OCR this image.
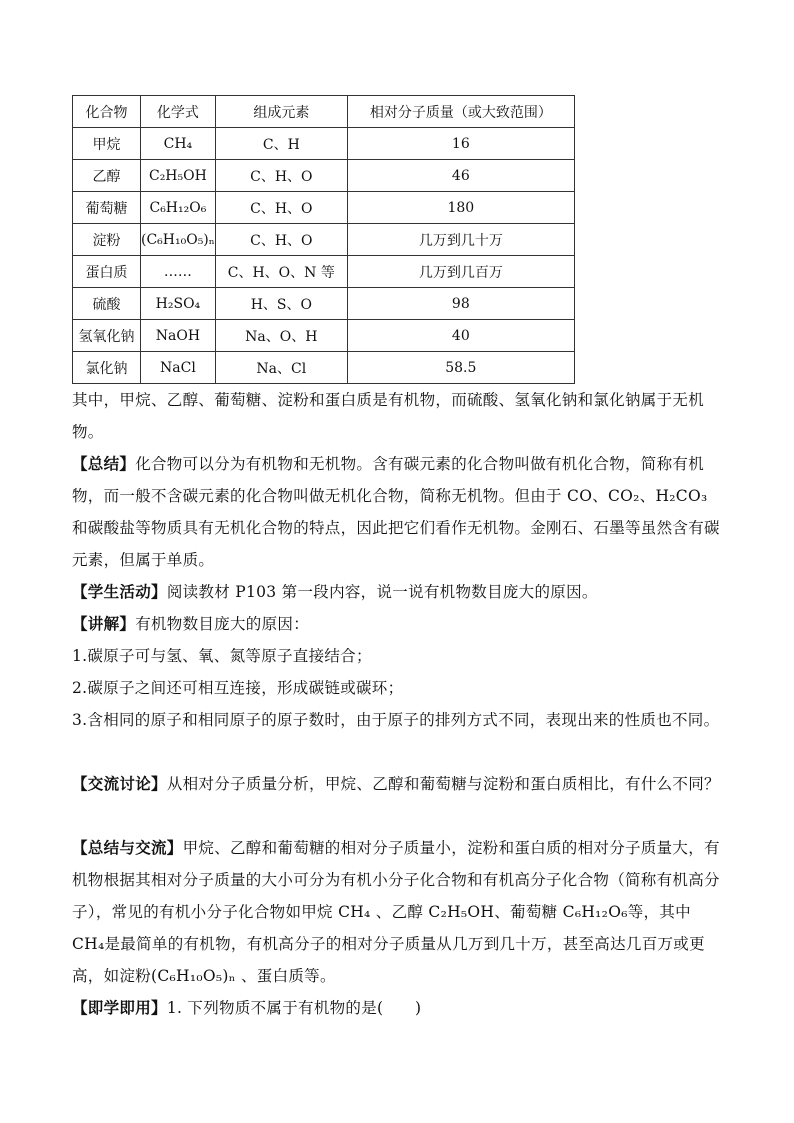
化合物	化学式	组成元素	相对分子质量（或大致范围）
甲烷	CH₄	C、H	16
乙醇	C₂H₅OH	C、H、O	46
葡萄糖	C₆H₁₂O₆	C、H、O	180
淀粉	(C₆H₁₀O₅)ₙ	C、H、O	几万到几十万
蛋白质	……	C、H、O、N 等	几万到几百万
硫酸	H₂SO₄	H、S、O	98
氢氧化钠	NaOH	Na、O、H	40
氯化钠	NaCl	Na、Cl	58.5

其中，甲烷、乙醇、葡萄糖、淀粉和蛋白质是有机物，而硫酸、氢氧化钠和氯化钠属于无机物。

【总结】化合物可以分为有机物和无机物。含有碳元素的化合物叫做有机化合物，简称有机物，而一般不含碳元素的化合物叫做无机化合物，简称无机物。但由于 CO、CO₂、H₂CO₃和碳酸盐等物质具有无机化合物的特点，因此把它们看作无机物。金刚石、石墨等虽然含有碳元素，但属于单质。

【学生活动】阅读教材 P103 第一段内容，说一说有机物数目庞大的原因。

【讲解】有机物数目庞大的原因：

1.碳原子可与氢、氧、氮等原子直接结合；

2.碳原子之间还可相互连接，形成碳链或碳环；

3.含相同的原子和相同原子的原子数时，由于原子的排列方式不同，表现出来的性质也不同。

【交流讨论】从相对分子质量分析，甲烷、乙醇和葡萄糖与淀粉和蛋白质相比，有什么不同？

【总结与交流】甲烷、乙醇和葡萄糖的相对分子质量小，淀粉和蛋白质的相对分子质量大，有机物根据其相对分子质量的大小可分为有机小分子化合物和有机高分子化合物（简称有机高分子），常见的有机小分子化合物如甲烷 CH₄ 、乙醇 C₂H₅OH、葡萄糖 C₆H₁₂O₆等，其中 CH₄是最简单的有机物，有机高分子的相对分子质量从几万到几十万，甚至高达几百万或更高，如淀粉(C₆H₁₀O₅)ₙ 、蛋白质等。

【即学即用】1. 下列物质不属于有机物的是(　　)
